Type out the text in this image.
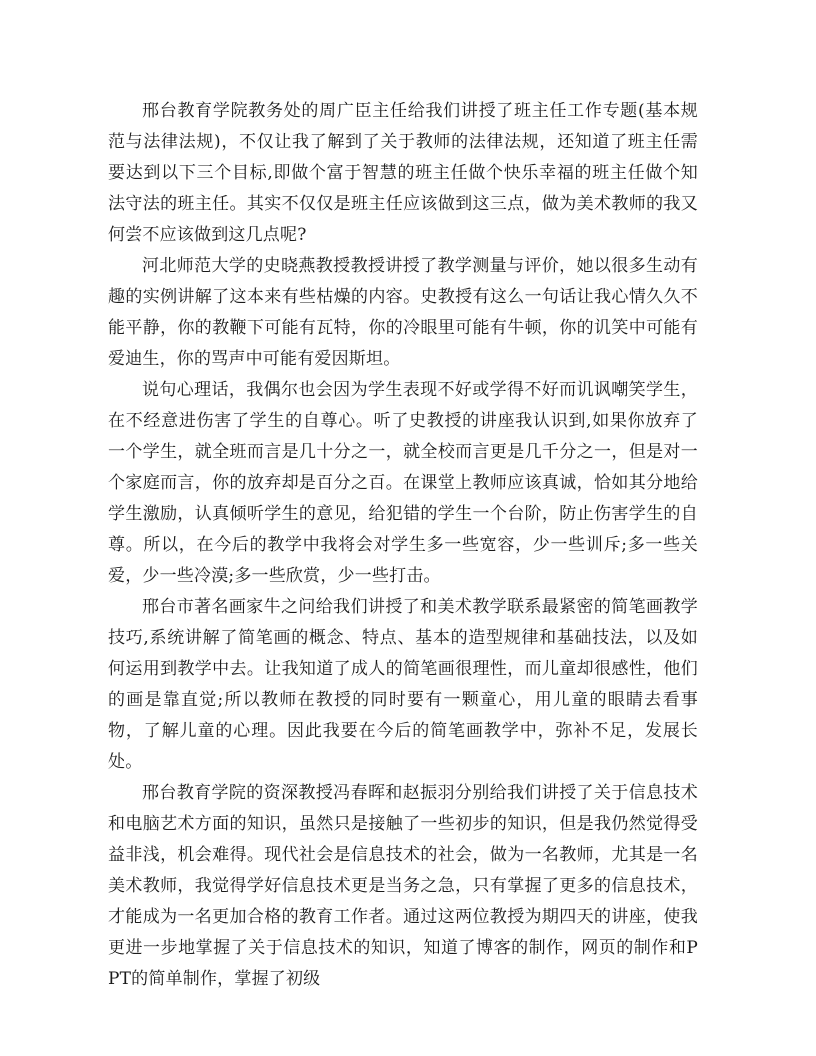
邢台教育学院教务处的周广臣主任给我们讲授了班主任工作专题(基本规范与法律法规)，不仅让我了解到了关于教师的法律法规，还知道了班主任需要达到以下三个目标,即做个富于智慧的班主任做个快乐幸福的班主任做个知法守法的班主任。其实不仅仅是班主任应该做到这三点，做为美术教师的我又何尝不应该做到这几点呢?

河北师范大学的史晓燕教授教授讲授了教学测量与评价，她以很多生动有趣的实例讲解了这本来有些枯燥的内容。史教授有这么一句话让我心情久久不能平静，你的教鞭下可能有瓦特，你的冷眼里可能有牛顿，你的讥笑中可能有爱迪生，你的骂声中可能有爱因斯坦。

说句心理话，我偶尔也会因为学生表现不好或学得不好而讥讽嘲笑学生，在不经意进伤害了学生的自尊心。听了史教授的讲座我认识到,如果你放弃了一个学生，就全班而言是几十分之一，就全校而言更是几千分之一，但是对一个家庭而言，你的放弃却是百分之百。在课堂上教师应该真诚，恰如其分地给学生激励，认真倾听学生的意见，给犯错的学生一个台阶，防止伤害学生的自尊。所以，在今后的教学中我将会对学生多一些宽容，少一些训斥;多一些关爱，少一些冷漠;多一些欣赏，少一些打击。

邢台市著名画家牛之问给我们讲授了和美术教学联系最紧密的简笔画教学技巧,系统讲解了简笔画的概念、特点、基本的造型规律和基础技法，以及如何运用到教学中去。让我知道了成人的简笔画很理性，而儿童却很感性，他们的画是靠直觉;所以教师在教授的同时要有一颗童心，用儿童的眼睛去看事物，了解儿童的心理。因此我要在今后的简笔画教学中，弥补不足，发展长处。

邢台教育学院的资深教授冯春晖和赵振羽分别给我们讲授了关于信息技术和电脑艺术方面的知识，虽然只是接触了一些初步的知识，但是我仍然觉得受益非浅，机会难得。现代社会是信息技术的社会，做为一名教师，尤其是一名美术教师，我觉得学好信息技术更是当务之急，只有掌握了更多的信息技术，才能成为一名更加合格的教育工作者。通过这两位教授为期四天的讲座，使我更进一步地掌握了关于信息技术的知识，知道了博客的制作，网页的制作和PPT的简单制作，掌握了初级
